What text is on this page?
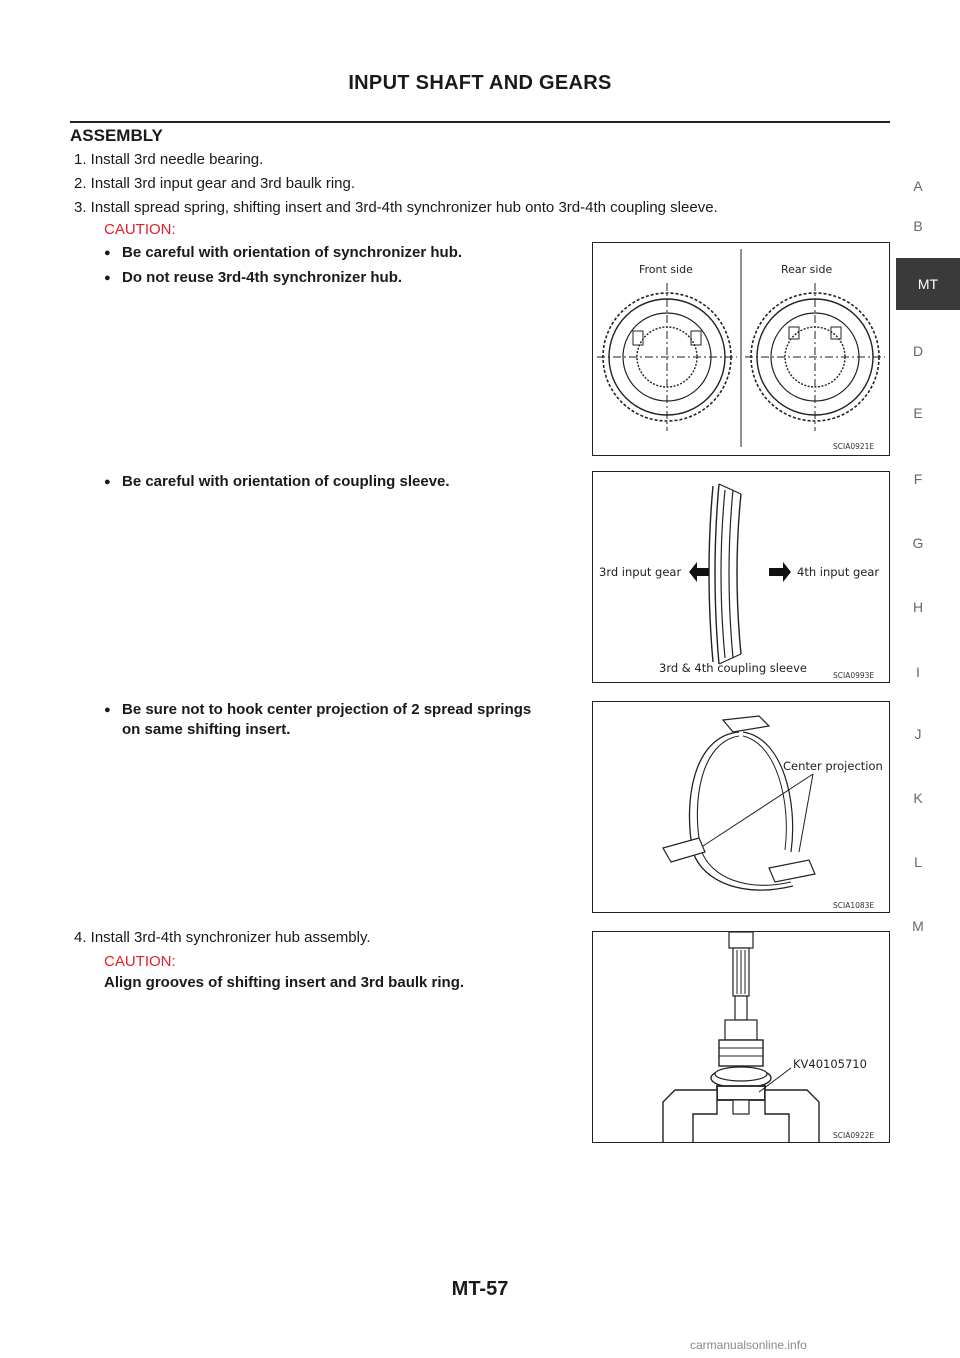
INPUT SHAFT AND GEARS
ASSEMBLY
1. Install 3rd needle bearing.
2. Install 3rd input gear and 3rd baulk ring.
3. Install spread spring, shifting insert and 3rd-4th synchronizer hub onto 3rd-4th coupling sleeve.
CAUTION:
● Be careful with orientation of synchronizer hub.
● Do not reuse 3rd-4th synchronizer hub.
● Be careful with orientation of coupling sleeve.
● Be sure not to hook center projection of 2 spread springs
on same shifting insert.
4. Install 3rd-4th synchronizer hub assembly.
CAUTION:
Align grooves of shifting insert and 3rd baulk ring.
Front side	Rear side
SCIA0921E
3rd input gear	4th input gear
3rd & 4th coupling sleeve
SCIA0993E
Center projection
SCIA1083E
KV40105710
SCIA0922E
A
B
MT
D
E
F
G
H
I
J
K
L
M
MT-57
carmanualsonline.info
